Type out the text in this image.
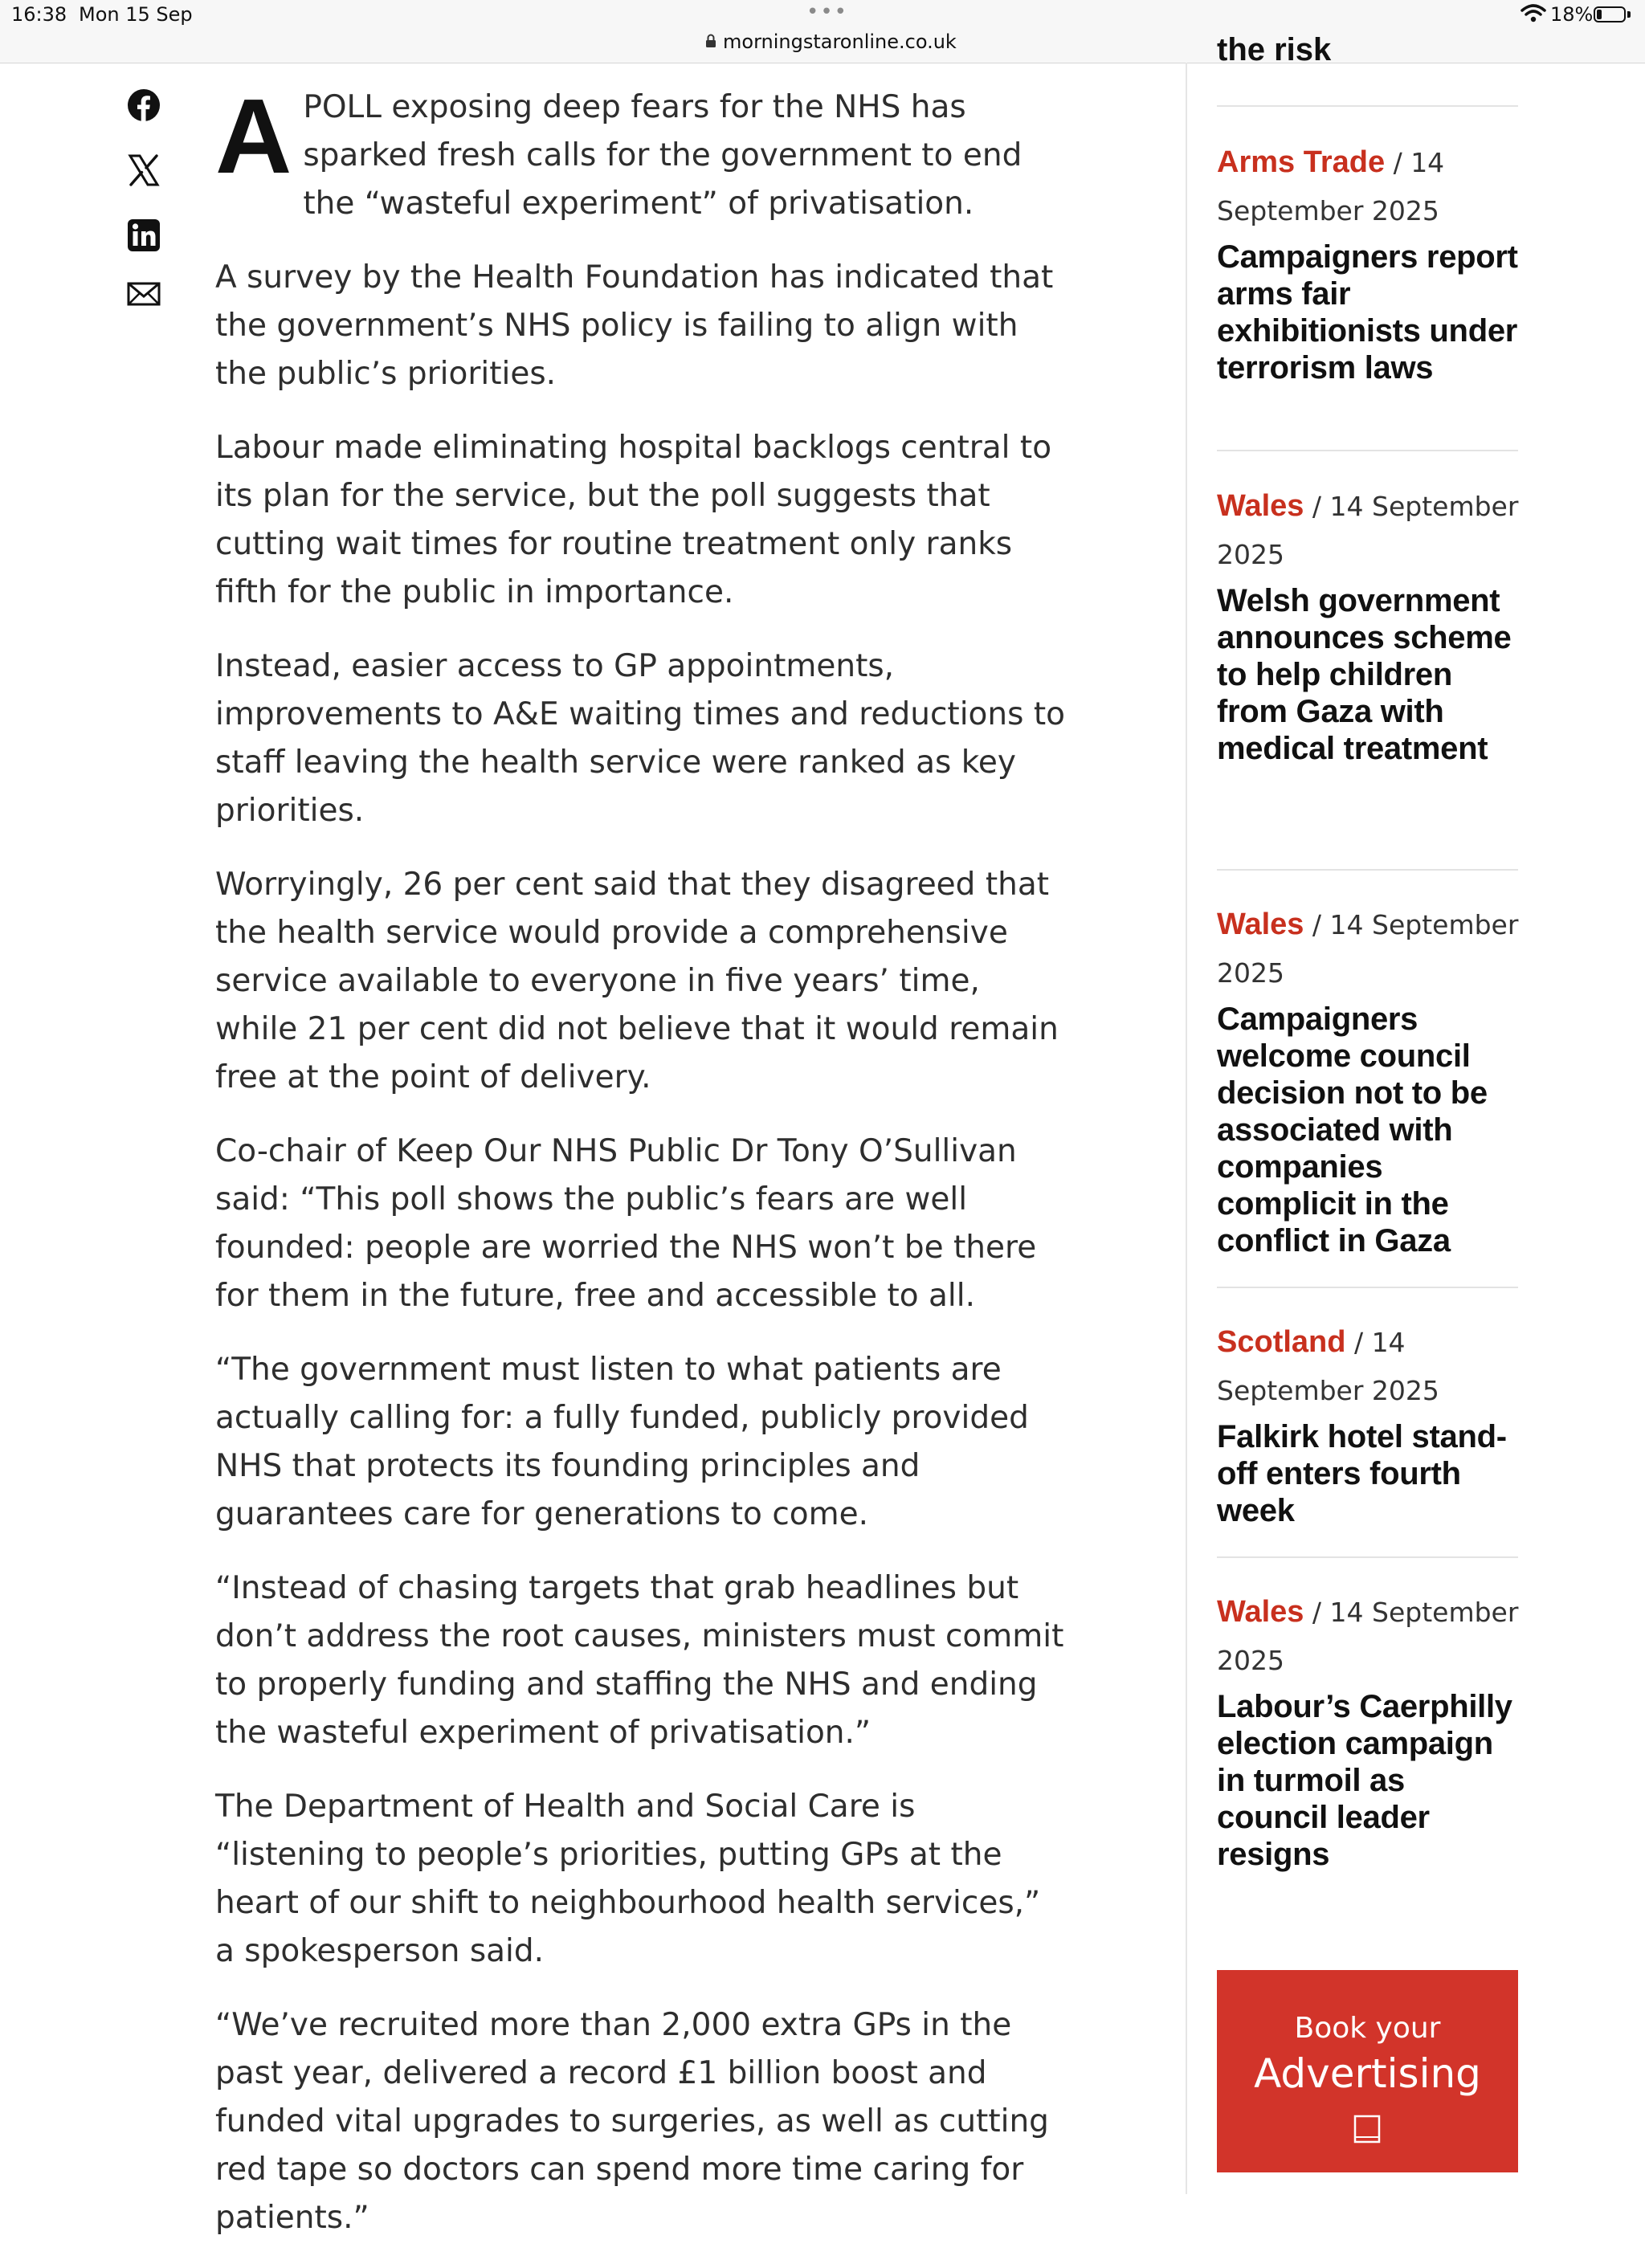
16:38 Mon 15 Sep	•••	18%
morningstaronline.co.uk

APOLL exposing deep fears for the NHS has sparked fresh calls for the government to end the “wasteful experiment” of privatisation.

A survey by the Health Foundation has indicated that the government’s NHS policy is failing to align with the public’s priorities.

Labour made eliminating hospital backlogs central to its plan for the service, but the poll suggests that cutting wait times for routine treatment only ranks fifth for the public in importance.

Instead, easier access to GP appointments, improvements to A&E waiting times and reductions to staff leaving the health service were ranked as key priorities.

Worryingly, 26 per cent said that they disagreed that the health service would provide a comprehensive service available to everyone in five years’ time, while 21 per cent did not believe that it would remain free at the point of delivery.

Co-chair of Keep Our NHS Public Dr Tony O’Sullivan said: “This poll shows the public’s fears are well founded: people are worried the NHS won’t be there for them in the future, free and accessible to all.

“The government must listen to what patients are actually calling for: a fully funded, publicly provided NHS that protects its founding principles and guarantees care for generations to come.

“Instead of chasing targets that grab headlines but don’t address the root causes, ministers must commit to properly funding and staffing the NHS and ending the wasteful experiment of privatisation.”

The Department of Health and Social Care is “listening to people’s priorities, putting GPs at the heart of our shift to neighbourhood health services,” a spokesperson said.

“We’ve recruited more than 2,000 extra GPs in the past year, delivered a record £1 billion boost and funded vital upgrades to surgeries, as well as cutting red tape so doctors can spend more time caring for patients.”

the risk
Arms Trade / 14 September 2025
Campaigners report arms fair exhibitionists under terrorism laws
Wales / 14 September 2025
Welsh government announces scheme to help children from Gaza with medical treatment
Wales / 14 September 2025
Campaigners welcome council decision not to be associated with companies complicit in the conflict in Gaza
Scotland / 14 September 2025
Falkirk hotel stand-off enters fourth week
Wales / 14 September 2025
Labour’s Caerphilly election campaign in turmoil as council leader resigns
Book your
Advertising
